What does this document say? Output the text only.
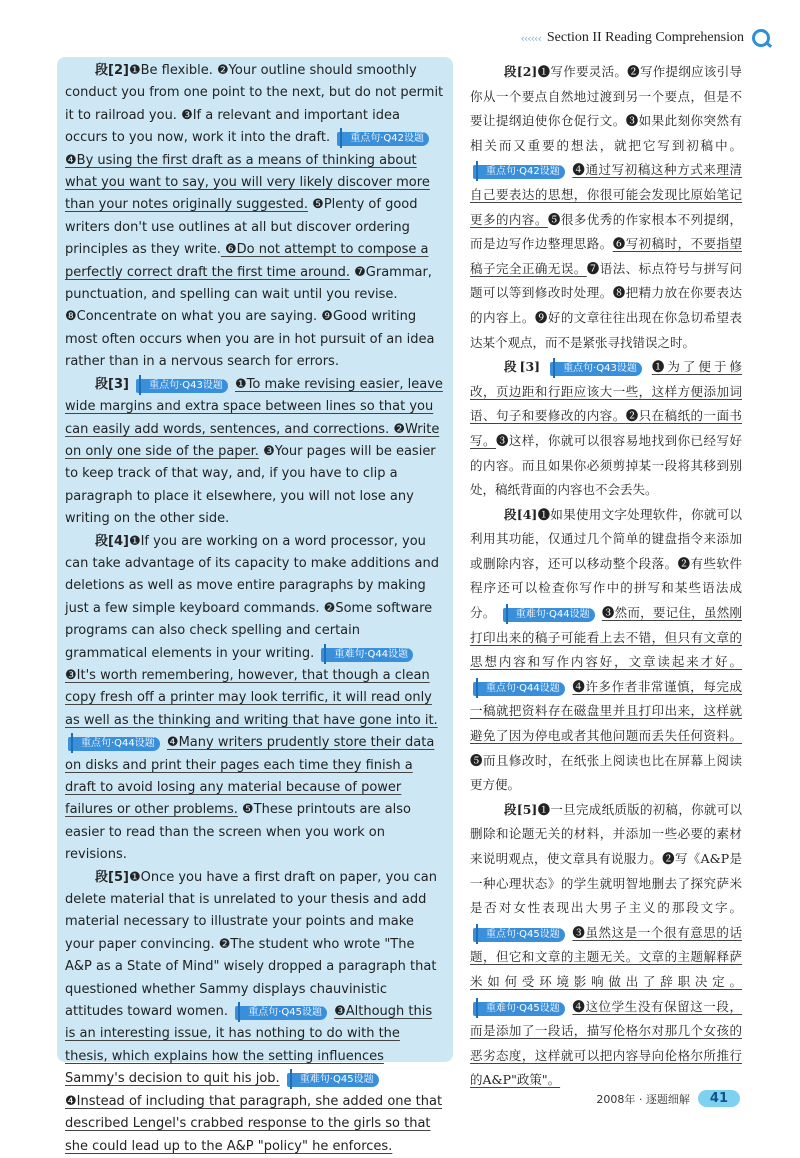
‹‹‹‹‹‹ Section II Reading Comprehension

段[2]❶Be flexible. ❷Your outline should smoothly conduct you from one point to the next, but do not permit it to railroad you. ❸If a relevant and important idea occurs to you now, work it into the draft. 重点句·Q42设题 ❹By using the first draft as a means of thinking about what you want to say, you will very likely discover more than your notes originally suggested. ❺Plenty of good writers don't use outlines at all but discover ordering principles as they write. ❻Do not attempt to compose a perfectly correct draft the first time around. ❼Grammar, punctuation, and spelling can wait until you revise. ❽Concentrate on what you are saying. ❾Good writing most often occurs when you are in hot pursuit of an idea rather than in a nervous search for errors.

段[3] 重点句·Q43设题 ❶To make revising easier, leave wide margins and extra space between lines so that you can easily add words, sentences, and corrections. ❷Write on only one side of the paper. ❸Your pages will be easier to keep track of that way, and, if you have to clip a paragraph to place it elsewhere, you will not lose any writing on the other side.

段[4]❶If you are working on a word processor, you can take advantage of its capacity to make additions and deletions as well as move entire paragraphs by making just a few simple keyboard commands. ❷Some software programs can also check spelling and certain grammatical elements in your writing. 重难句·Q44设题 ❸It's worth remembering, however, that though a clean copy fresh off a printer may look terrific, it will read only as well as the thinking and writing that have gone into it. 重点句·Q44设题 ❹Many writers prudently store their data on disks and print their pages each time they finish a draft to avoid losing any material because of power failures or other problems. ❺These printouts are also easier to read than the screen when you work on revisions.

段[5]❶Once you have a first draft on paper, you can delete material that is unrelated to your thesis and add material necessary to illustrate your points and make your paper convincing. ❷The student who wrote "The A&P as a State of Mind" wisely dropped a paragraph that questioned whether Sammy displays chauvinistic attitudes toward women. 重点句·Q45设题 ❸Although this is an interesting issue, it has nothing to do with the thesis, which explains how the setting influences Sammy's decision to quit his job. 重难句·Q45设题 ❹Instead of including that paragraph, she added one that described Lengel's crabbed response to the girls so that she could lead up to the A&P "policy" he enforces.

段[2]❶写作要灵活。❷写作提纲应该引导你从一个要点自然地过渡到另一个要点，但是不要让提纲迫使你仓促行文。❸如果此刻你突然有相关而又重要的想法，就把它写到初稿中。 重点句·Q42设题 ❹通过写初稿这种方式来理清自己要表达的思想，你很可能会发现比原始笔记更多的内容。❺很多优秀的作家根本不列提纲，而是边写作边整理思路。❻写初稿时，不要指望稿子完全正确无误。❼语法、标点符号与拼写问题可以等到修改时处理。❽把精力放在你要表达的内容上。❾好的文章往往出现在你急切希望表达某个观点，而不是紧张寻找错误之时。

段[3] 重点句·Q43设题 ❶为了便于修改，页边距和行距应该大一些，这样方便添加词语、句子和要修改的内容。❷只在稿纸的一面书写。❸这样，你就可以很容易地找到你已经写好的内容。而且如果你必须剪掉某一段将其移到别处，稿纸背面的内容也不会丢失。

段[4]❶如果使用文字处理软件，你就可以利用其功能，仅通过几个简单的键盘指令来添加或删除内容，还可以移动整个段落。❷有些软件程序还可以检查你写作中的拼写和某些语法成分。 重难句·Q44设题 ❸然而，要记住，虽然刚打印出来的稿子可能看上去不错，但只有文章的思想内容和写作内容好，文章读起来才好。 重点句·Q44设题 ❹许多作者非常谨慎，每完成一稿就把资料存在磁盘里并且打印出来，这样就避免了因为停电或者其他问题而丢失任何资料。❺而且修改时，在纸张上阅读也比在屏幕上阅读更方便。

段[5]❶一旦完成纸质版的初稿，你就可以删除和论题无关的材料，并添加一些必要的素材来说明观点，使文章具有说服力。❷写《A&P是一种心理状态》的学生就明智地删去了探究萨米是否对女性表现出大男子主义的那段文字。 重点句·Q45设题 ❸虽然这是一个很有意思的话题，但它和文章的主题无关。文章的主题解释萨米如何受环境影响做出了辞职决定。 重难句·Q45设题 ❹这位学生没有保留这一段，而是添加了一段话，描写伦格尔对那几个女孩的恶劣态度，这样就可以把内容导向伦格尔所推行的A&P"政策"。

2008年 · 逐题细解	41
